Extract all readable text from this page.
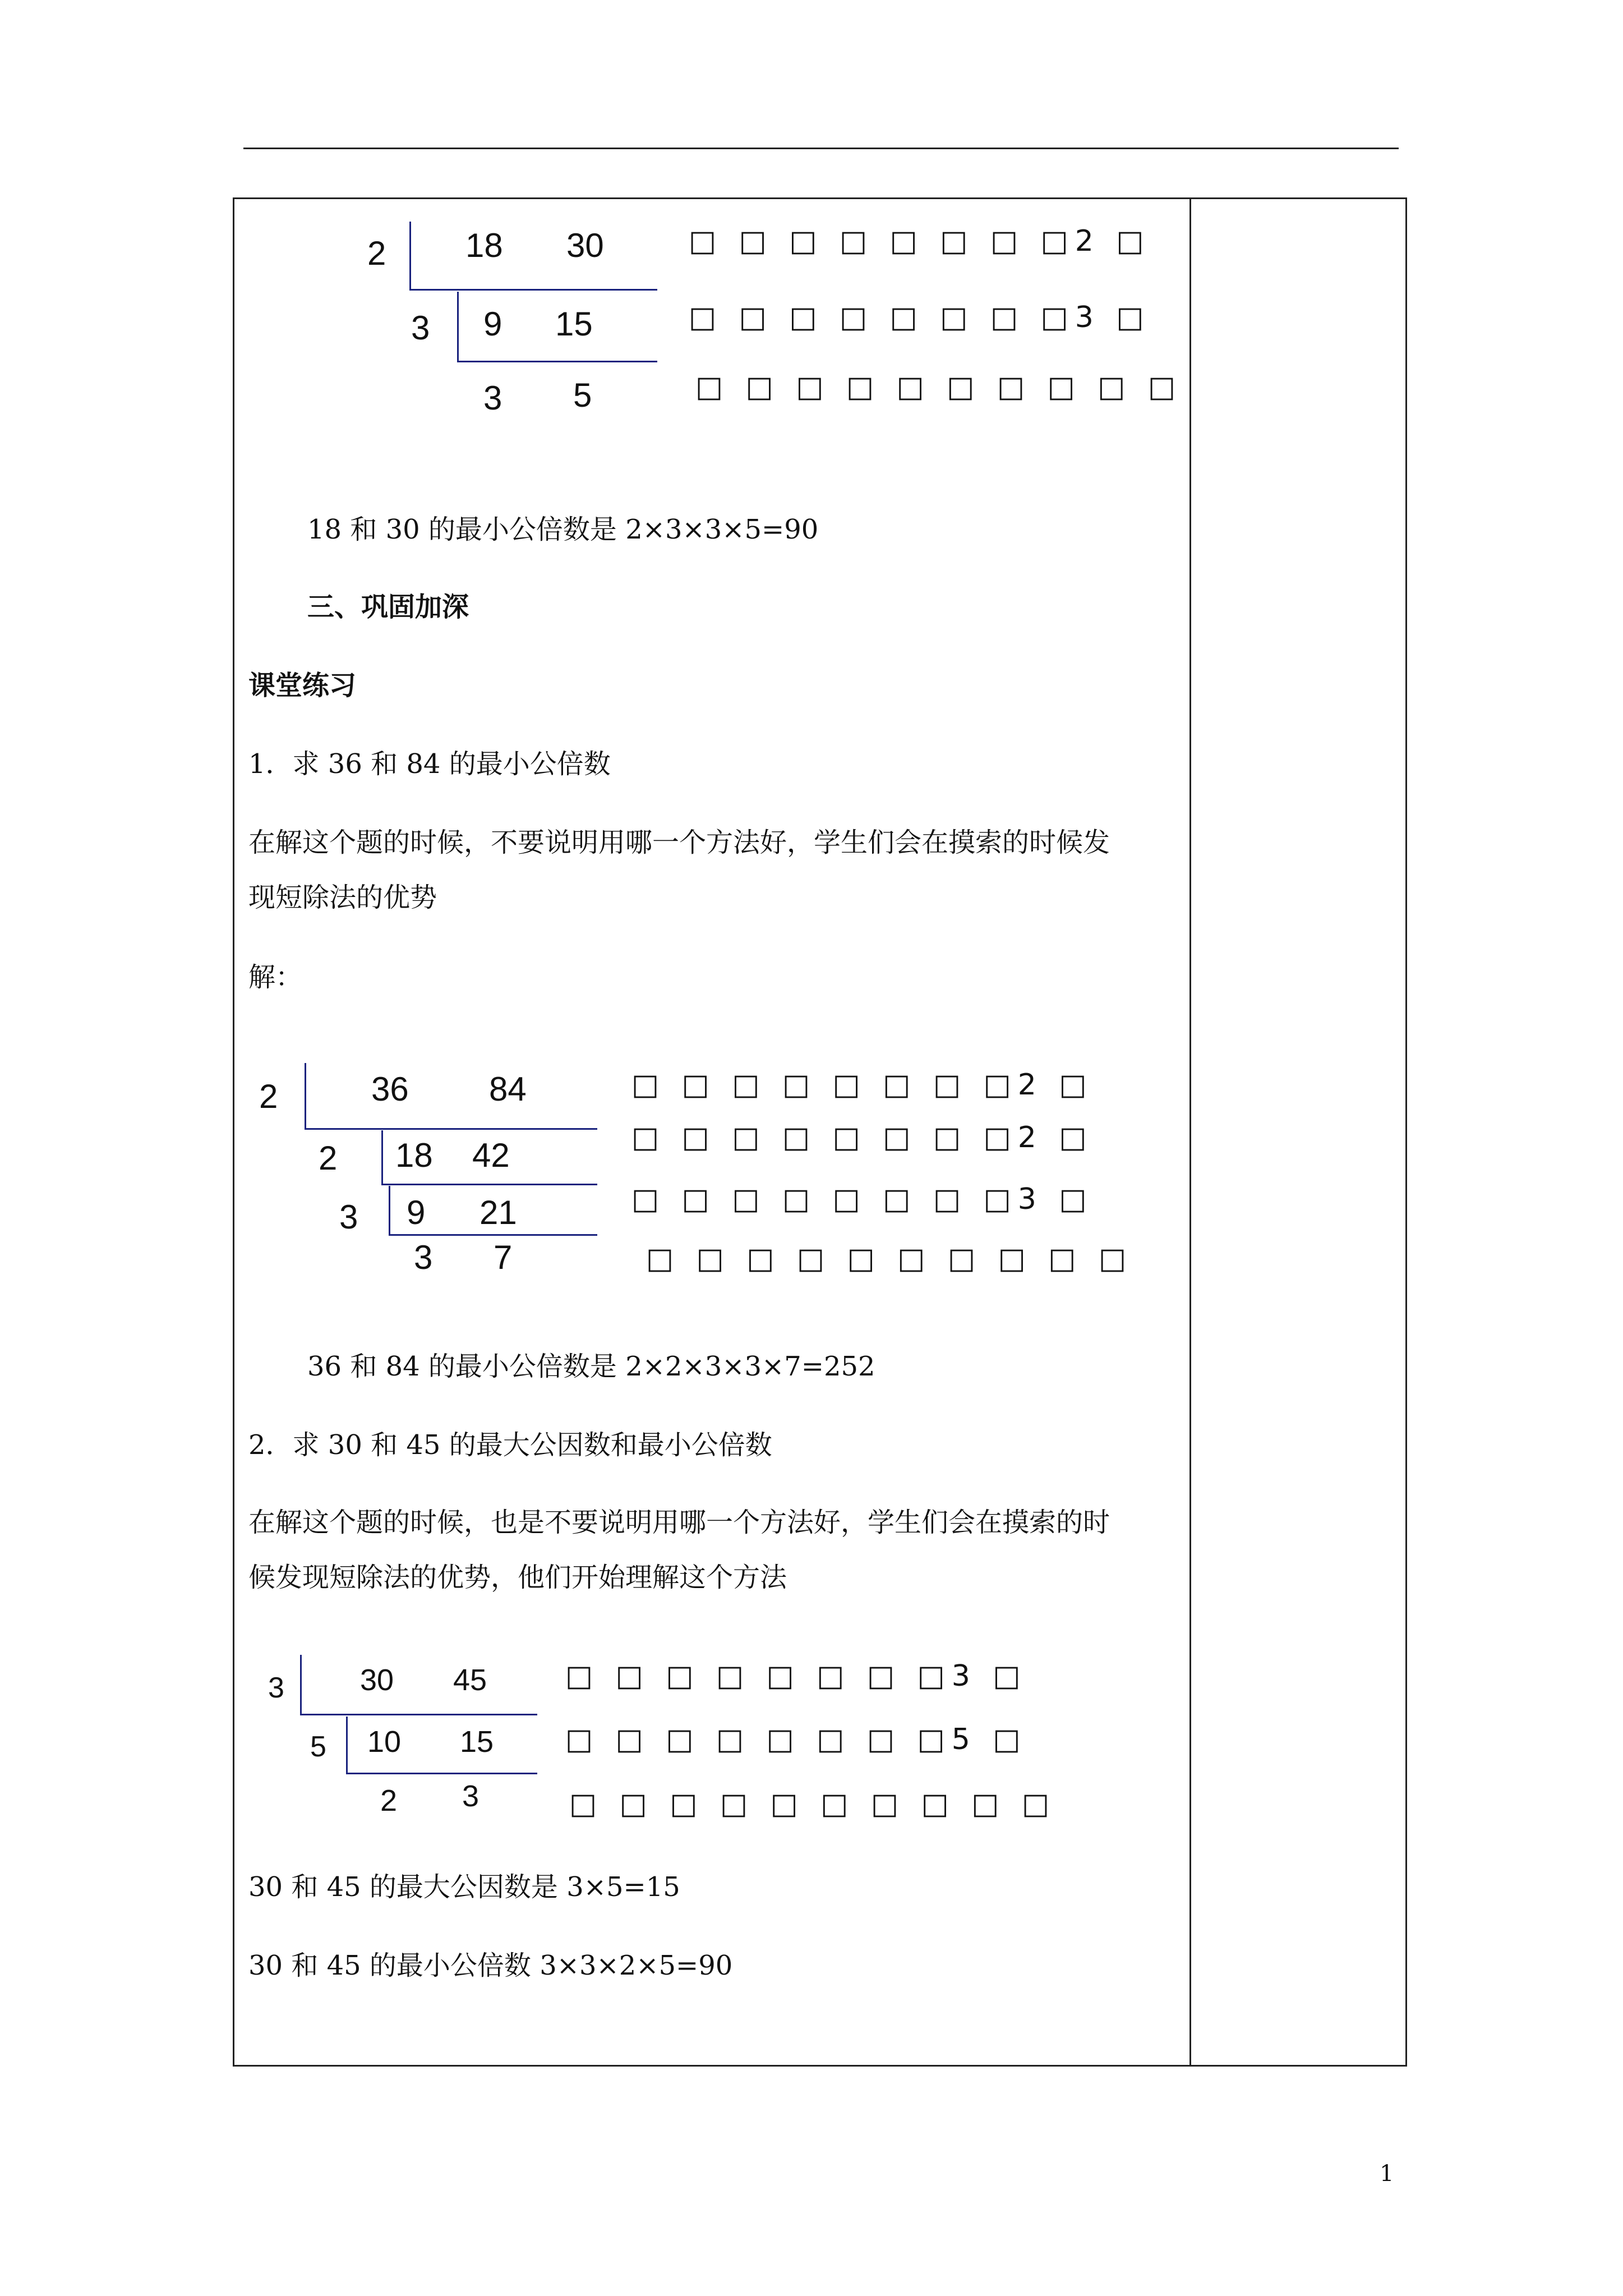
2 18 30
3 9 15
3 5
□ □ □ □ □ □ □ □2 □
□ □ □ □ □ □ □ □3 □
□ □ □ □ □ □ □ □ □ □
18 和 30 的最小公倍数是 2×3×3×5=90
三、巩固加深
课堂练习
1．求 36 和 84 的最小公倍数
在解这个题的时候，不要说明用哪一个方法好，学生们会在摸索的时候发
现短除法的优势
解：
2	36 84
2 18 42
3 9 21
3 7
□ □ □ □ □ □ □ □2 □
□ □ □ □ □ □ □ □2 □
□ □ □ □ □ □ □ □3 □
□ □ □ □ □ □ □ □ □ □
36 和 84 的最小公倍数是 2×2×3×3×7=252
2．求 30 和 45 的最大公因数和最小公倍数
在解这个题的时候，也是不要说明用哪一个方法好，学生们会在摸索的时
候发现短除法的优势，他们开始理解这个方法
3	30 45
5 10 15
2 3
□ □ □ □ □ □ □ □3 □
□ □ □ □ □ □ □ □5 □
□ □ □ □ □ □ □ □ □ □
30 和 45 的最大公因数是 3×5=15
30 和 45 的最小公倍数 3×3×2×5=90
1
